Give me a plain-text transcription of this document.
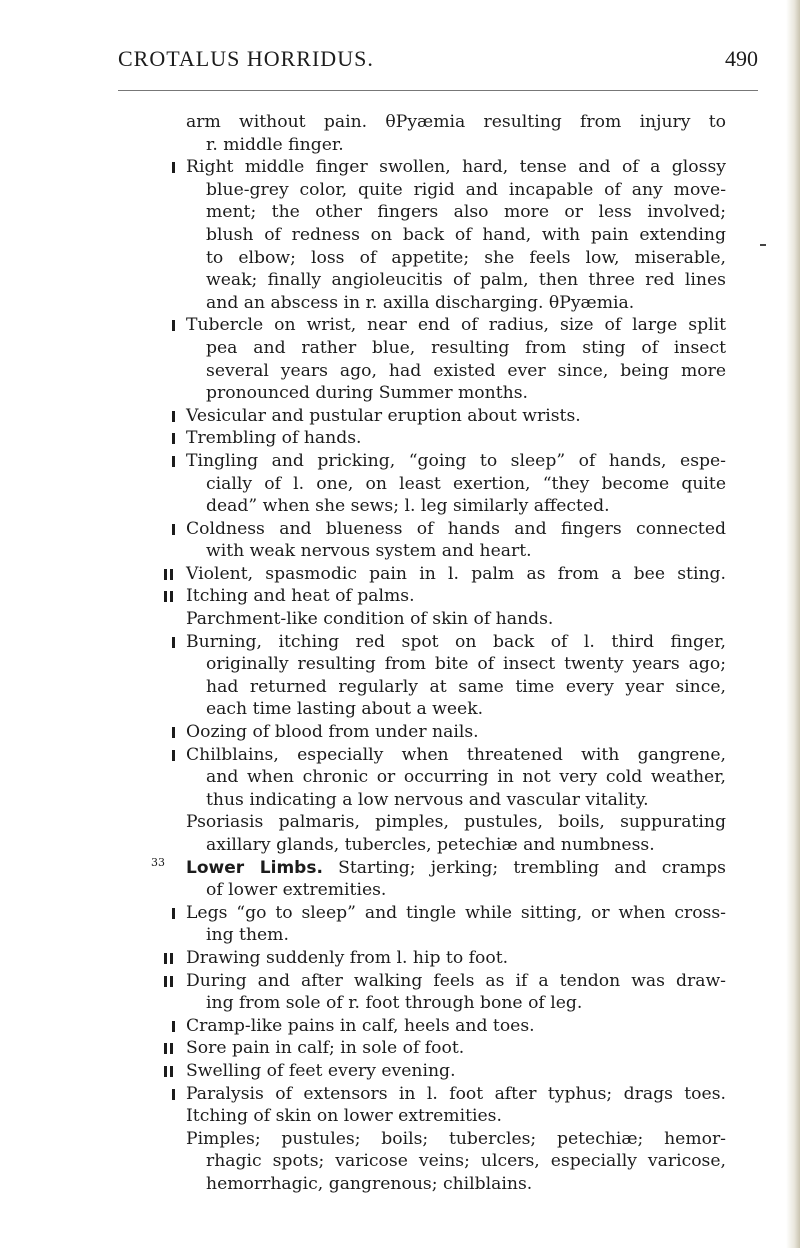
CROTALUS HORRIDUS.	490
arm without pain. θPyæmia resulting from injury to
r. middle finger.
Right middle finger swollen, hard, tense and of a glossy
blue-grey color, quite rigid and incapable of any move-
ment; the other fingers also more or less involved;
blush of redness on back of hand, with pain extending
to elbow; loss of appetite; she feels low, miserable,
weak; finally angioleucitis of palm, then three red lines
and an abscess in r. axilla discharging. θPyæmia.
Tubercle on wrist, near end of radius, size of large split
pea and rather blue, resulting from sting of insect
several years ago, had existed ever since, being more
pronounced during Summer months.
Vesicular and pustular eruption about wrists.
Trembling of hands.
Tingling and pricking, “going to sleep” of hands, espe-
cially of l. one, on least exertion, “they become quite
dead” when she sews; l. leg similarly affected.
Coldness and blueness of hands and fingers connected
with weak nervous system and heart.
Violent, spasmodic pain in l. palm as from a bee sting.
Itching and heat of palms.
Parchment-like condition of skin of hands.
Burning, itching red spot on back of l. third finger,
originally resulting from bite of insect twenty years ago;
had returned regularly at same time every year since,
each time lasting about a week.
Oozing of blood from under nails.
Chilblains, especially when threatened with gangrene,
and when chronic or occurring in not very cold weather,
thus indicating a low nervous and vascular vitality.
Psoriasis palmaris, pimples, pustules, boils, suppurating
axillary glands, tubercles, petechiæ and numbness.
33 Lower Limbs. Starting; jerking; trembling and cramps
of lower extremities.
Legs “go to sleep” and tingle while sitting, or when cross-
ing them.
Drawing suddenly from l. hip to foot.
During and after walking feels as if a tendon was draw-
ing from sole of r. foot through bone of leg.
Cramp-like pains in calf, heels and toes.
Sore pain in calf; in sole of foot.
Swelling of feet every evening.
Paralysis of extensors in l. foot after typhus; drags toes.
Itching of skin on lower extremities.
Pimples; pustules; boils; tubercles; petechiæ; hemor-
rhagic spots; varicose veins; ulcers, especially varicose,
hemorrhagic, gangrenous; chilblains.
